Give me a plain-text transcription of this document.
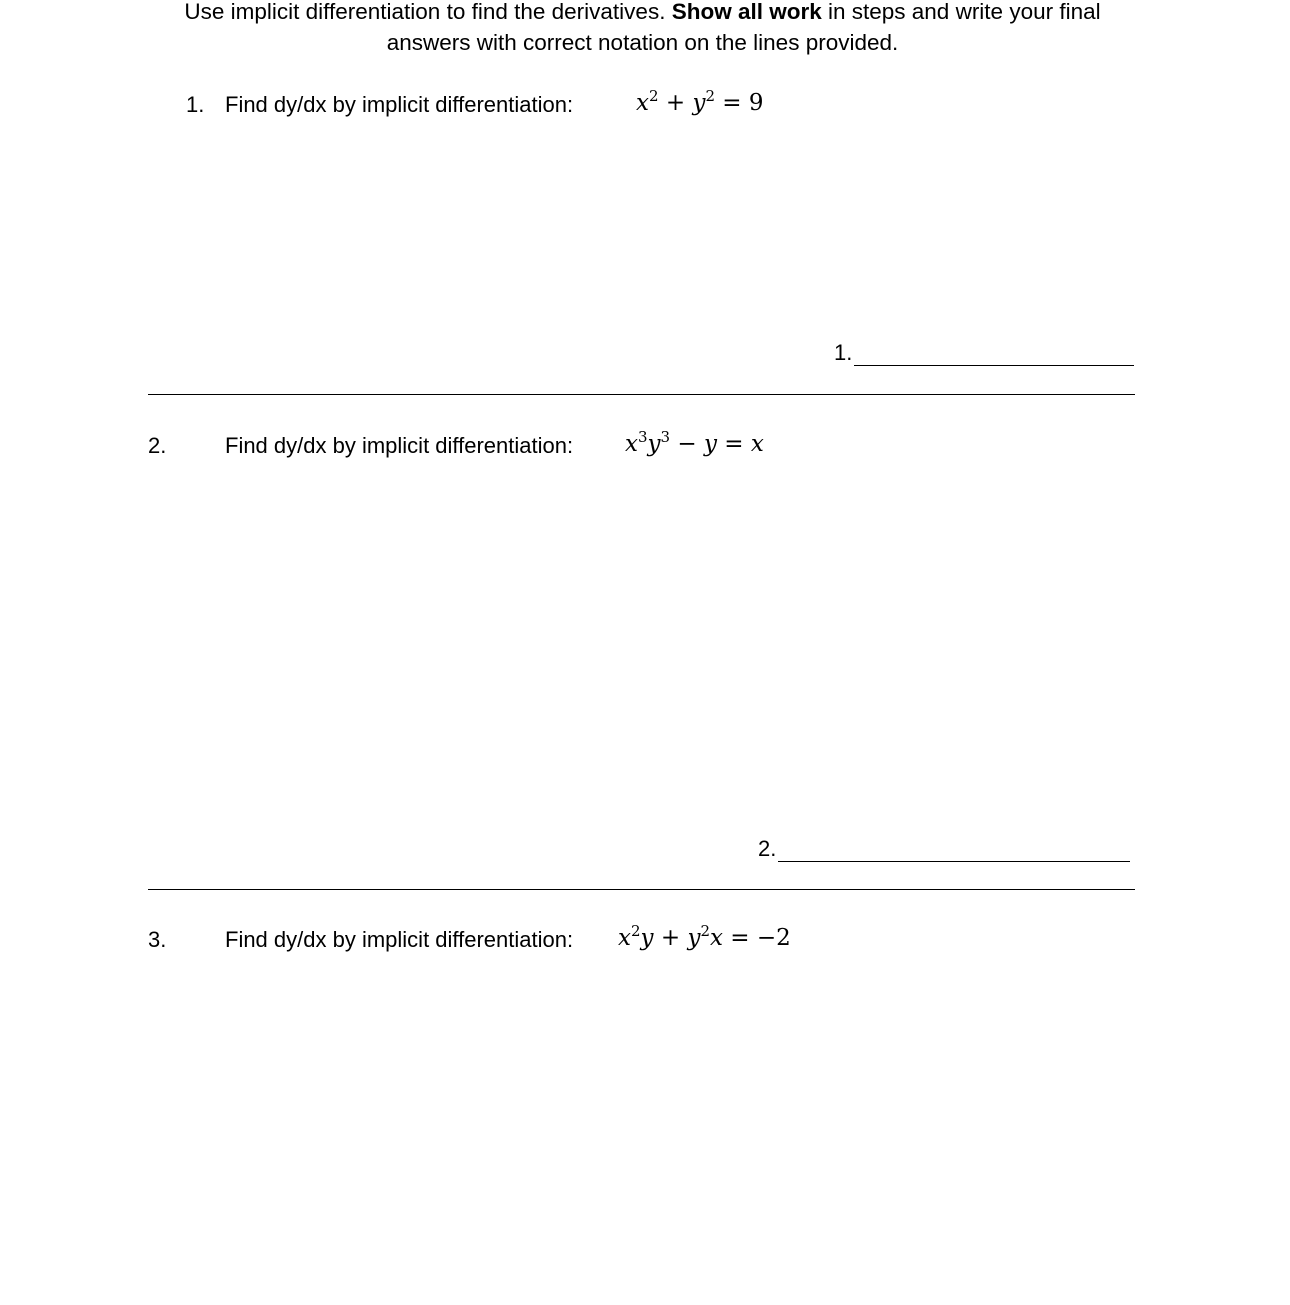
Use implicit differentiation to find the derivatives. Show all work in steps and write your final answers with correct notation on the lines provided.
1. Find dy/dx by implicit differentiation:	$x^2 + y^2 = 9$
1.
2.	Find dy/dx by implicit differentiation: $x^3y^3 - y = x$
2.
3.	Find dy/dx by implicit differentiation: $x^2y + y^2x = -2$
